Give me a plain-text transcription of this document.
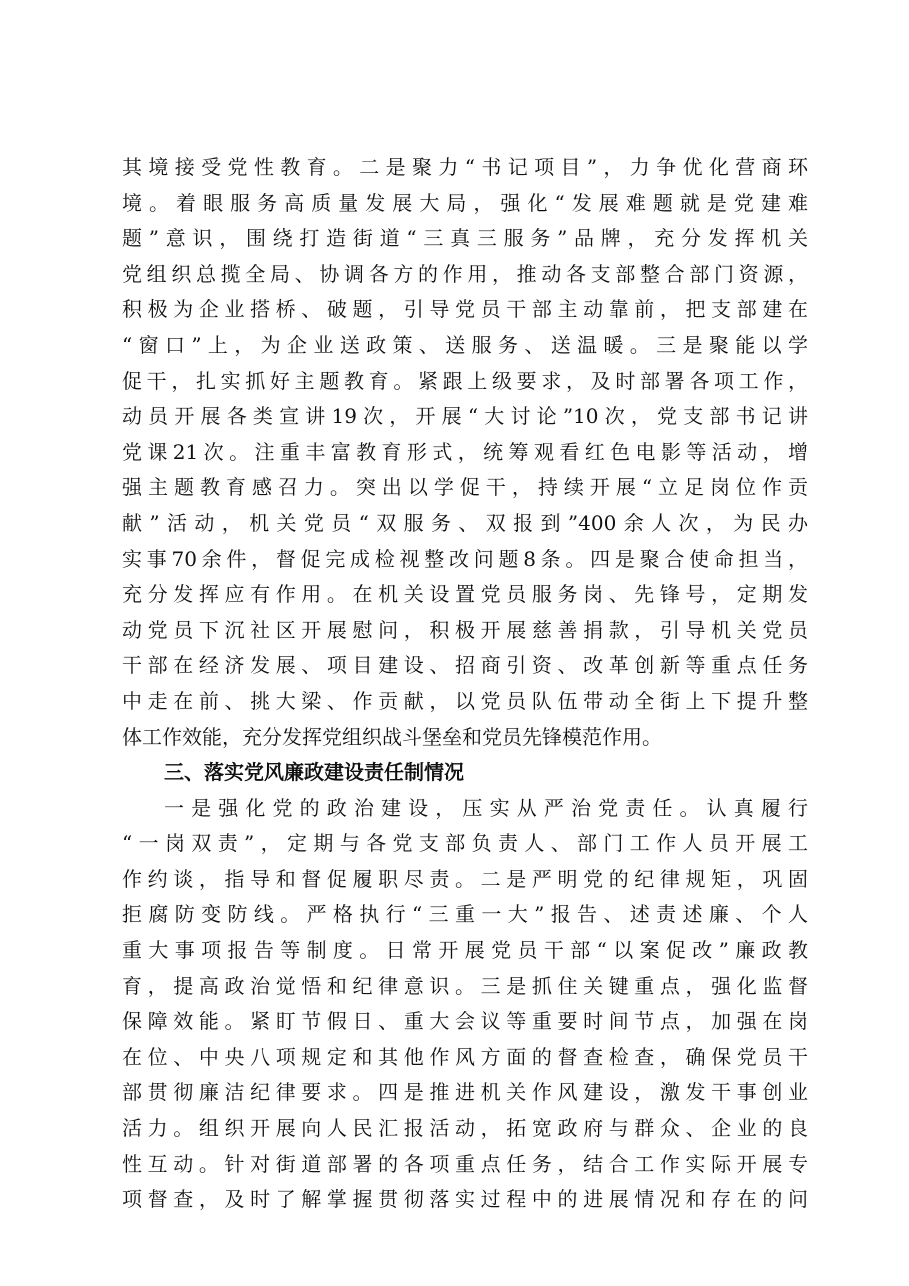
其境接受党性教育。二是聚力“书记项目”，力争优化营商环
境。着眼服务高质量发展大局，强化“发展难题就是党建难
题”意识，围绕打造街道“三真三服务”品牌，充分发挥机关
党组织总揽全局、协调各方的作用，推动各支部整合部门资源，
积极为企业搭桥、破题，引导党员干部主动靠前，把支部建在
“窗口”上，为企业送政策、送服务、送温暖。三是聚能以学
促干，扎实抓好主题教育。紧跟上级要求，及时部署各项工作，
动员开展各类宣讲19次，开展“大讨论”10次，党支部书记讲
党课21次。注重丰富教育形式，统筹观看红色电影等活动，增
强主题教育感召力。突出以学促干，持续开展“立足岗位作贡
献”活动，机关党员“双服务、双报到”400余人次，为民办
实事70余件，督促完成检视整改问题8条。四是聚合使命担当，
充分发挥应有作用。在机关设置党员服务岗、先锋号，定期发
动党员下沉社区开展慰问，积极开展慈善捐款，引导机关党员
干部在经济发展、项目建设、招商引资、改革创新等重点任务
中走在前、挑大梁、作贡献，以党员队伍带动全街上下提升整
体工作效能，充分发挥党组织战斗堡垒和党员先锋模范作用。
三、落实党风廉政建设责任制情况
一是强化党的政治建设，压实从严治党责任。认真履行
“一岗双责”，定期与各党支部负责人、部门工作人员开展工
作约谈，指导和督促履职尽责。二是严明党的纪律规矩，巩固
拒腐防变防线。严格执行“三重一大”报告、述责述廉、个人
重大事项报告等制度。日常开展党员干部“以案促改”廉政教
育，提高政治觉悟和纪律意识。三是抓住关键重点，强化监督
保障效能。紧盯节假日、重大会议等重要时间节点，加强在岗
在位、中央八项规定和其他作风方面的督查检查，确保党员干
部贯彻廉洁纪律要求。四是推进机关作风建设，激发干事创业
活力。组织开展向人民汇报活动，拓宽政府与群众、企业的良
性互动。针对街道部署的各项重点任务，结合工作实际开展专
项督查，及时了解掌握贯彻落实过程中的进展情况和存在的问
